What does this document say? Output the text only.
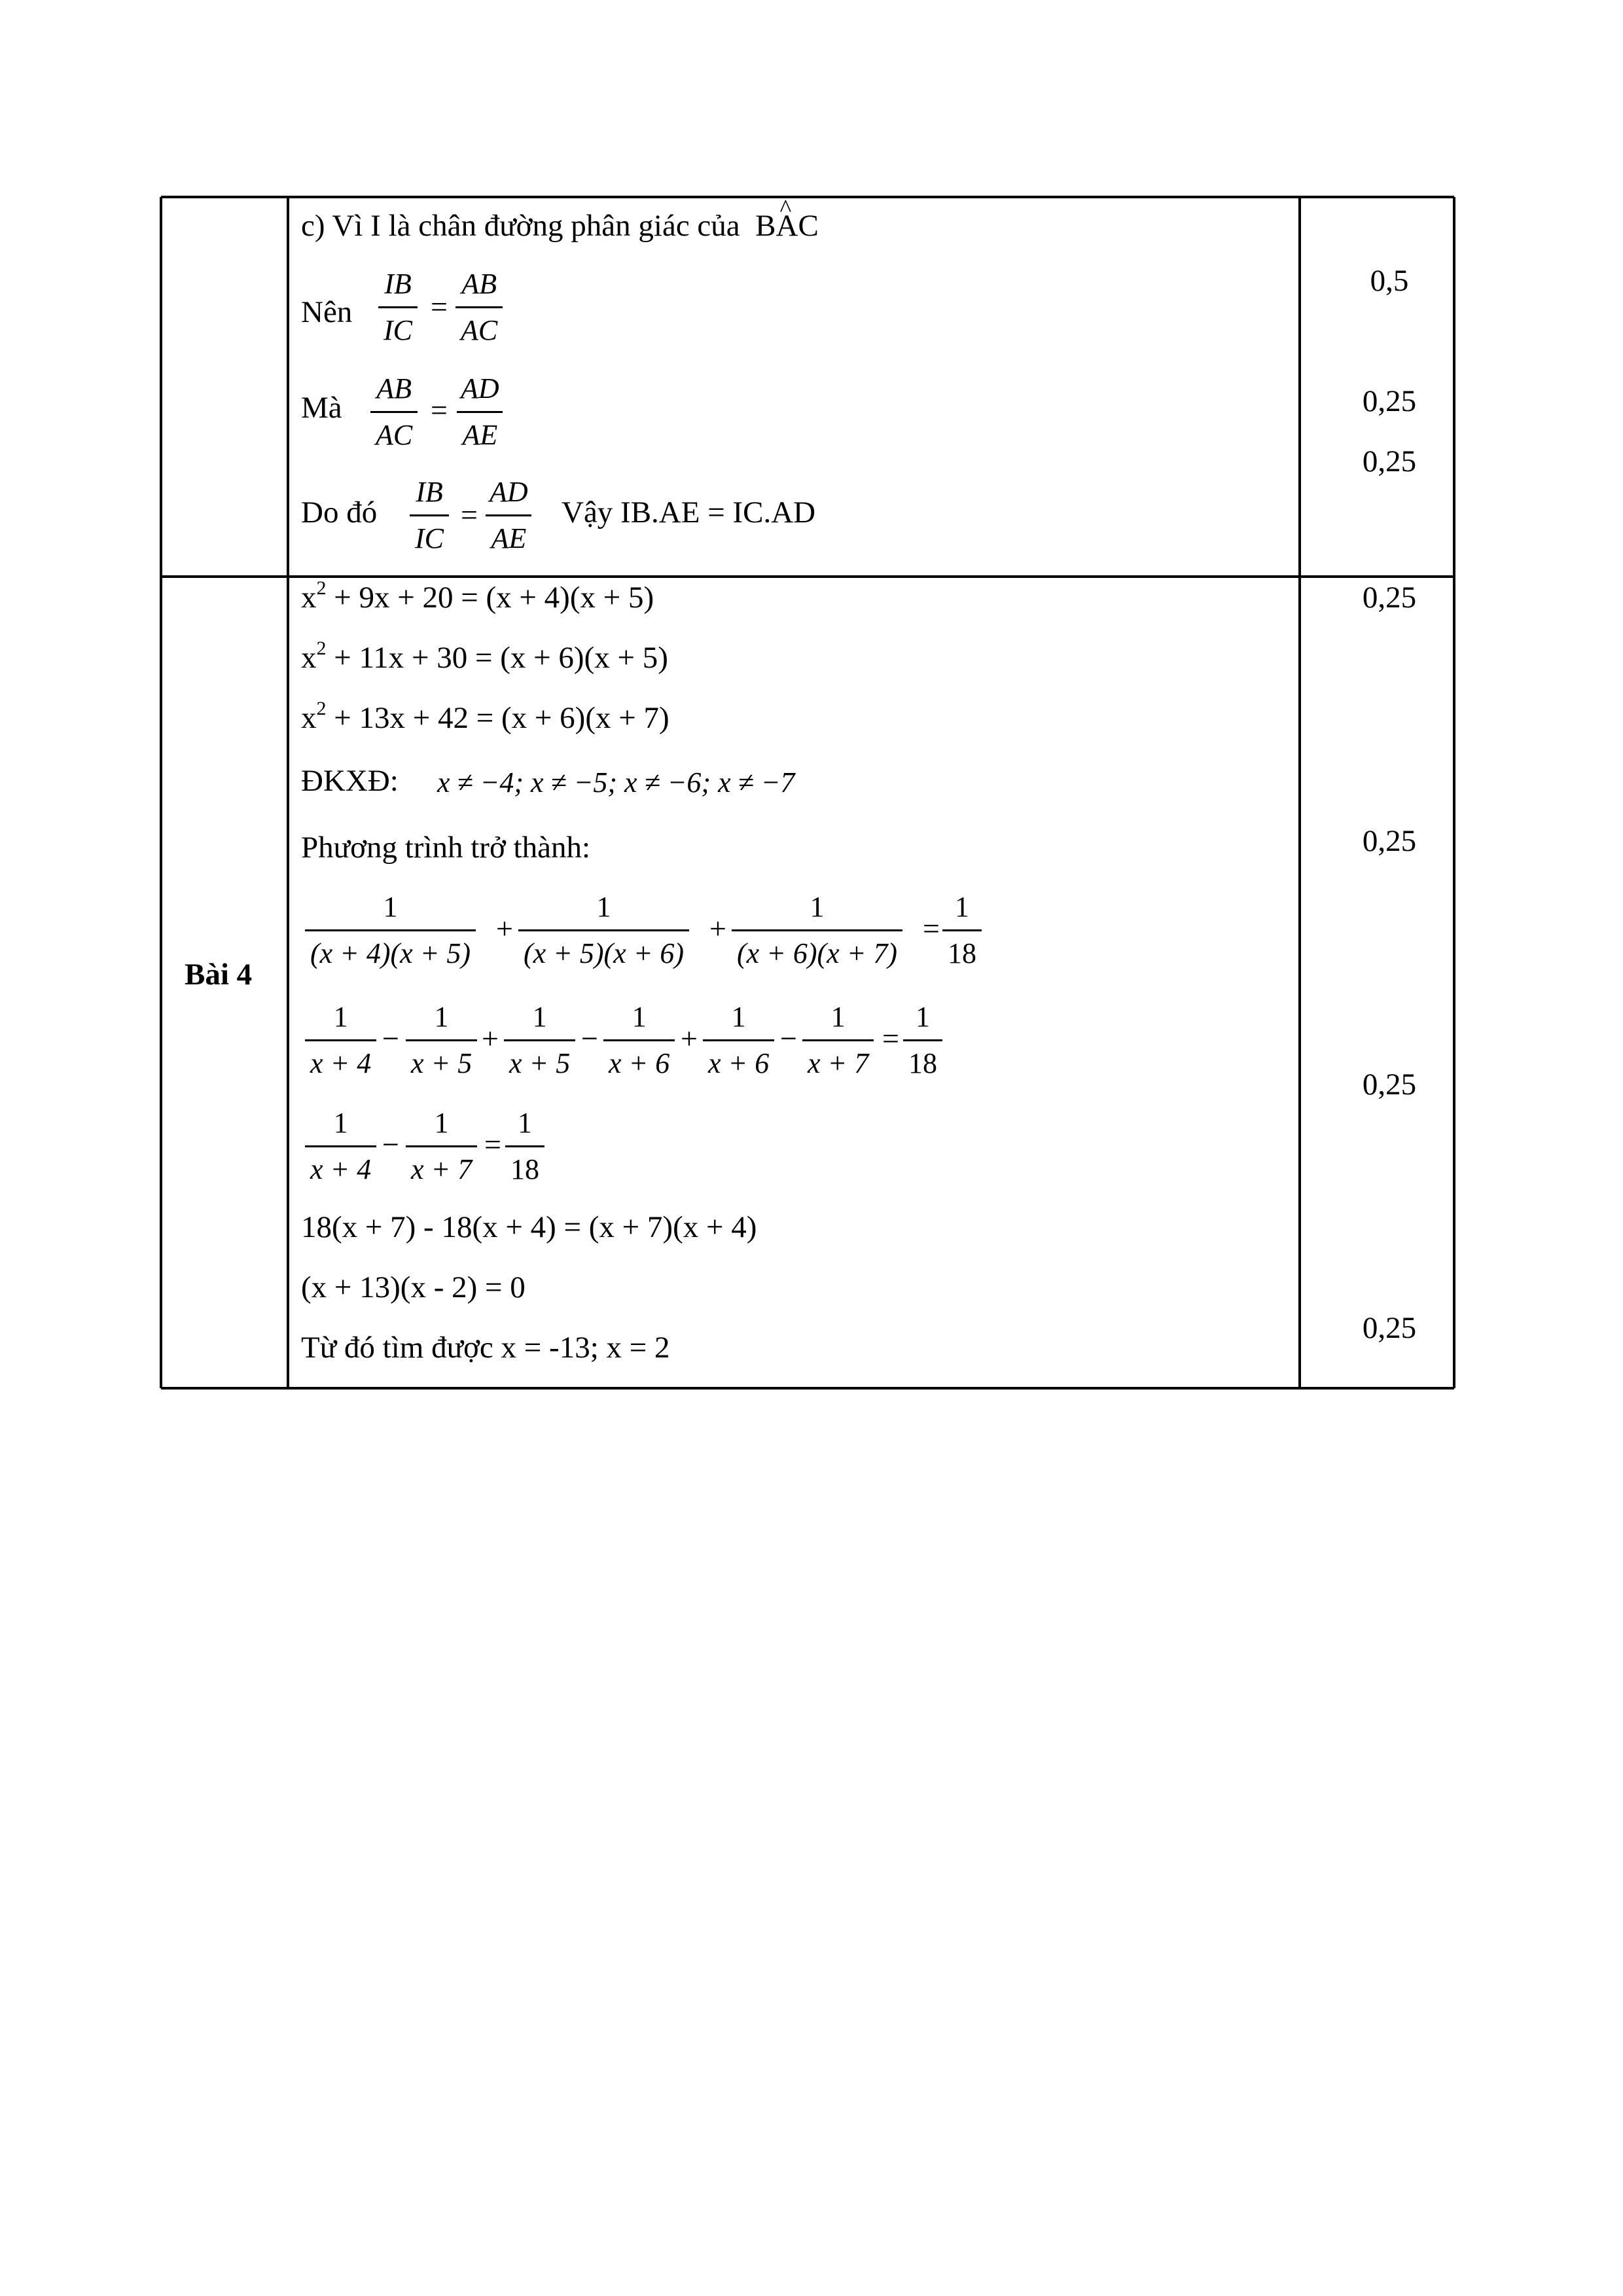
c) Vì I là chân đường phân giác của B^ AC
Nên $\frac{IB}{IC} = \frac{AB}{AC}$
Mà $\frac{AB}{AC} = \frac{AD}{AE}$
Do đó $\frac{IB}{IC} = \frac{AD}{AE}$ Vậy IB.AE = IC.AD
0,5
0,25
0,25
Bài 4
$x^2 + 9x + 20 = (x + 4)(x + 5)$
$x^2 + 11x + 30 = (x + 6)(x + 5)$
$x^2 + 13x + 42 = (x + 6)(x + 7)$
ĐKXĐ: x ≠ −4; x ≠ −5; x ≠ −6; x ≠ −7
Phương trình trở thành:
$\frac{1}{(x + 4)(x + 5)} + \frac{1}{(x + 5)(x + 6)} + \frac{1}{(x + 6)(x + 7)} = \frac{1}{18}$
$\frac{1}{x + 4} - \frac{1}{x + 5} + \frac{1}{x + 5} - \frac{1}{x + 6} + \frac{1}{x + 6} - \frac{1}{x + 7} = \frac{1}{18}$
$\frac{1}{x + 4} - \frac{1}{x + 7} = \frac{1}{18}$
18(x + 7) - 18(x + 4) = (x + 7)(x + 4)
(x + 13)(x - 2) = 0
Từ đó tìm được x = -13; x = 2
0,25
0,25
0,25
0,25
